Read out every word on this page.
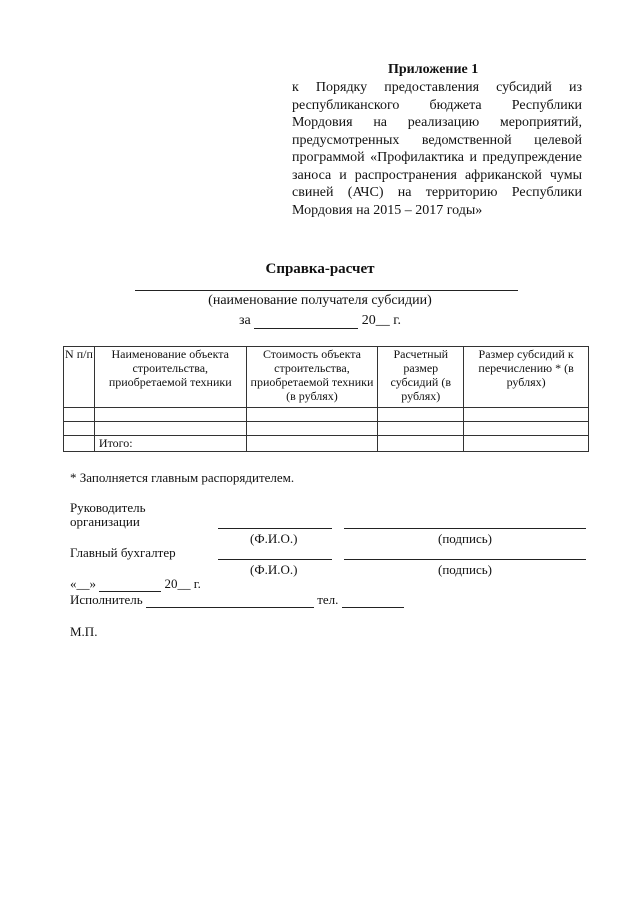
Приложение 1
к Порядку предоставления субсидий из республиканского бюджета Республики Мордовия на реализацию мероприятий, предусмотренных ведомственной целевой программой «Профилактика и предупреждение заноса и распространения африканской чумы свиней (АЧС) на территорию Республики Мордовия на 2015 – 2017 годы»
Справка-расчет
(наименование получателя субсидии)
за	20__ г.
N п/п	Наименование объекта строительства, приобретаемой техники	Стоимость объекта строительства, приобретаемой техники (в рублях)	Расчетный размер субсидий (в рублях)	Размер субсидий к перечислению * (в рублях)

	Итого:			
* Заполняется главным распорядителем.
Руководитель
организации
(Ф.И.О.)	(подпись)
Главный бухгалтер
(Ф.И.О.)	(подпись)
«__»	20__ г.
Исполнитель	тел.
М.П.
